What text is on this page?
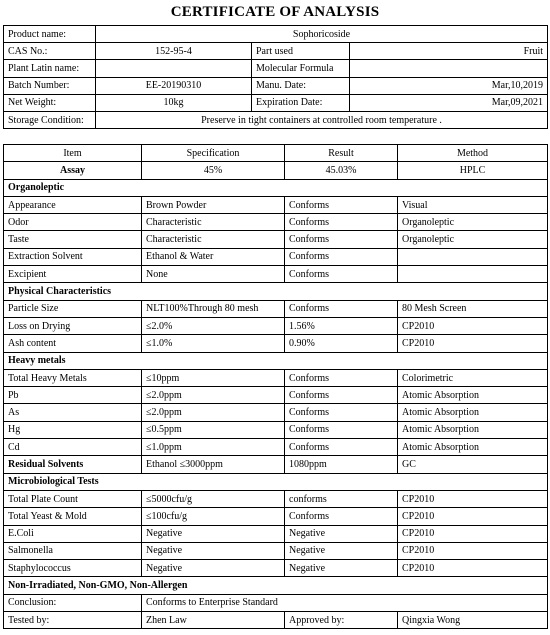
CERTIFICATE OF ANALYSIS
Product name:	Sophoricoside		
CAS No.:	152-95-4	Part used	Fruit
Plant Latin name:		Molecular Formula	
Batch Number:	EE-20190310	Manu. Date:	Mar,10,2019
Net Weight:	10kg	Expiration Date:	Mar,09,2021
Storage Condition:	Preserve in tight containers at controlled room temperature .		
Item	Specification	Result	Method
Assay	45%	45.03%	HPLC
Organoleptic			
Appearance	Brown Powder	Conforms	Visual
Odor	Characteristic	Conforms	Organoleptic
Taste	Characteristic	Conforms	Organoleptic
Extraction Solvent	Ethanol & Water	Conforms	
Excipient	None	Conforms	
Physical Characteristics			
Particle Size	NLT100%Through 80 mesh	Conforms	80 Mesh Screen
Loss on Drying	≤2.0%	1.56%	CP2010
Ash content	≤1.0%	0.90%	CP2010
Heavy metals			
Total Heavy Metals	≤10ppm	Conforms	Colorimetric
Pb	≤2.0ppm	Conforms	Atomic Absorption
As	≤2.0ppm	Conforms	Atomic Absorption
Hg	≤0.5ppm	Conforms	Atomic Absorption
Cd	≤1.0ppm	Conforms	Atomic Absorption
Residual Solvents	Ethanol ≤3000ppm	1080ppm	GC
Microbiological Tests			
Total Plate Count	≤5000cfu/g	conforms	CP2010
Total Yeast & Mold	≤100cfu/g	Conforms	CP2010
E.Coli	Negative	Negative	CP2010
Salmonella	Negative	Negative	CP2010
Staphylococcus	Negative	Negative	CP2010
Non-Irradiated, Non-GMO, Non-Allergen			
Conclusion:	Conforms to Enterprise Standard		
Tested by:	Zhen Law	Approved by:	Qingxia Wong
